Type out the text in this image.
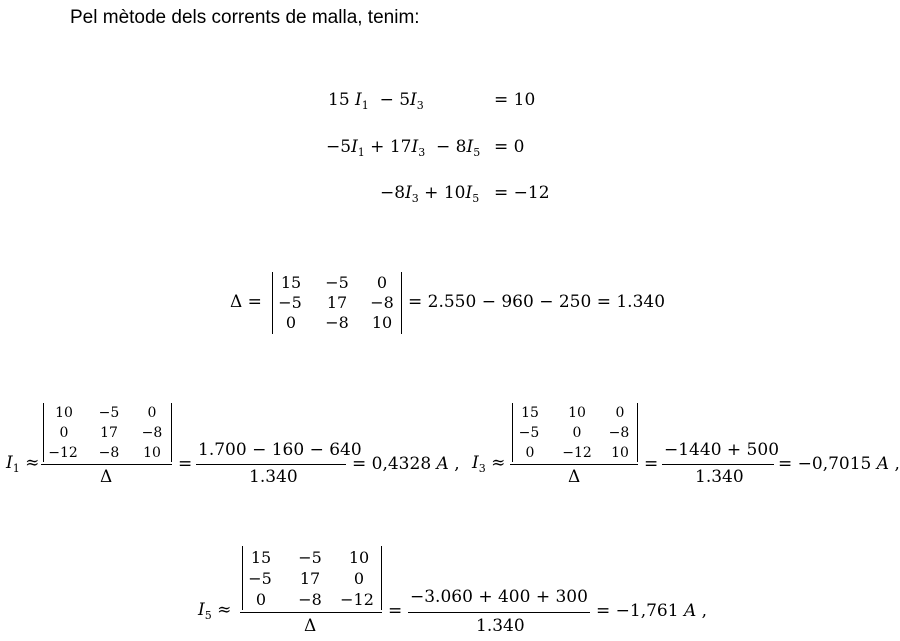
Pel mètode dels corrents de malla, tenim:
15 $I_1 - 5I_3$	= 10
$-5I_1 + 17I_3 - 8I_5 = 0$
$-8I_3 + 10I_5 = -12$
Δ =
15	−5	0
−5	17	−8
0	−8	10
= 2.550 − 960 − 250 = 1.340
$I_1$ ≈
10	−5	0
0	17	−8
−12	−8	10
Δ
=
1.700 − 160 − 640
1.340
= 0,4328 A , $I_3$ ≈
15	10	0
−5	0	−8
0	−12	10
Δ
=
−1440 + 500
1.340
= −0,7015 A ,
$I_5$ ≈
15	−5	10
−5	17	0
0	−8	−12
Δ
=
−3.060 + 400 + 300
1.340
= −1,761 A ,
